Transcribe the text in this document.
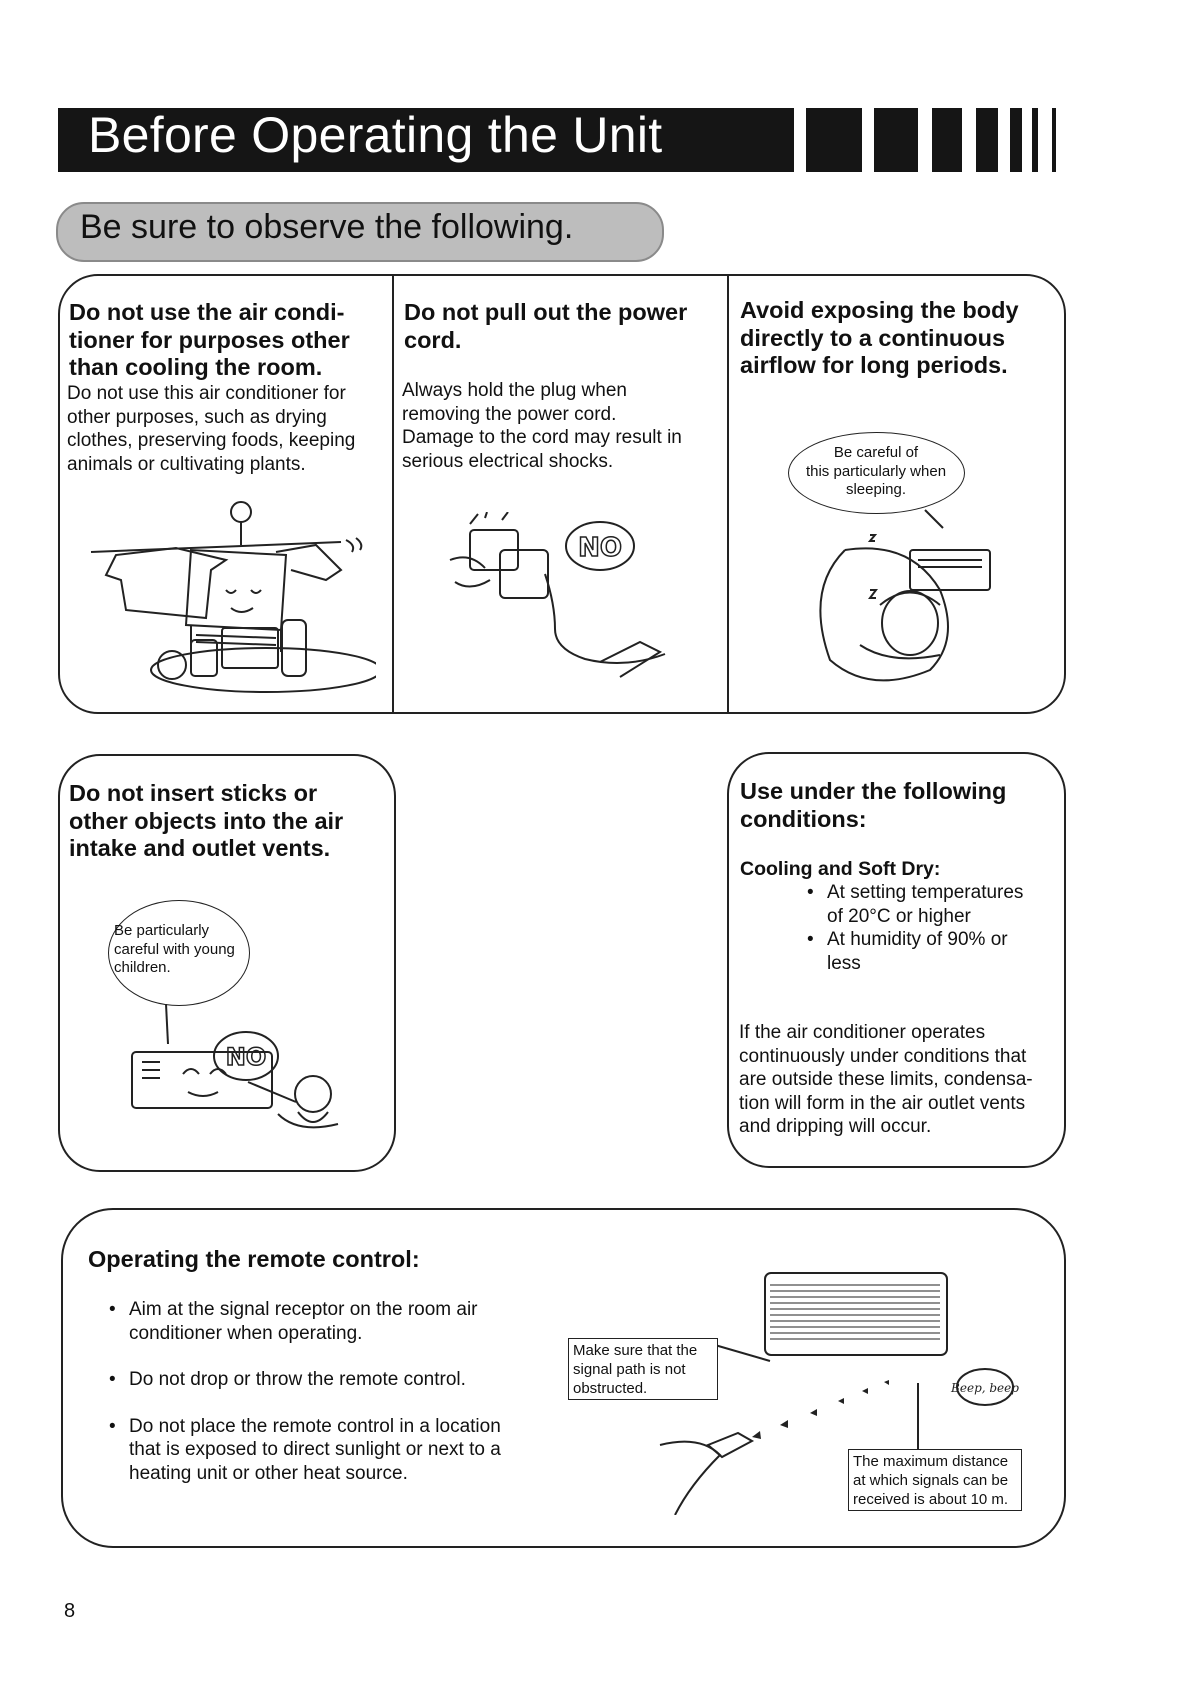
Before Operating the Unit
Be sure to observe the following.
Do not use the air condi-
tioner for purposes other
than cooling the room.
Do not use this air conditioner for
other purposes, such as drying
clothes, preserving foods, keeping
animals or cultivating plants.
Do not pull out the power
cord.
Always hold the plug when
removing the power cord.
Damage to the cord may result in
serious electrical shocks.
NO
Avoid exposing the body
directly to a continuous
airflow for long periods.
Be careful of
this particularly when
sleeping.
Do not insert sticks or
other objects into the air
intake and outlet vents.
Be particularly
careful with young
children.
NO
Use under the following
conditions:
Cooling and Soft Dry:
• At setting temperatures
of 20°C or higher
• At humidity of 90% or
less
If the air conditioner operates
continuously under conditions that
are outside these limits, condensa-
tion will form in the air outlet vents
and dripping will occur.
Operating the remote control:
• Aim at the signal receptor on the room air
conditioner when operating.
• Do not drop or throw the remote control.
• Do not place the remote control in a location
that is exposed to direct sunlight or next to a
heating unit or other heat source.
Beep, beep
Make sure that the
signal path is not
obstructed.
The maximum distance
at which signals can be
received is about 10 m.
8
